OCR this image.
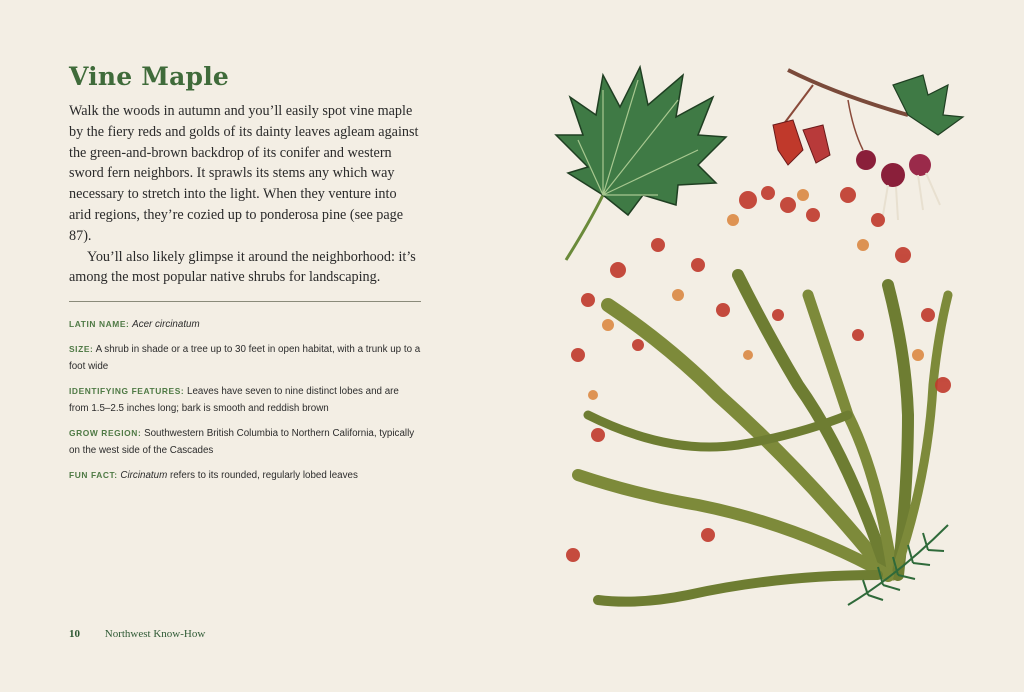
Vine Maple

Walk the woods in autumn and you’ll easily spot vine maple by the fiery reds and golds of its dainty leaves agleam against the green-and-brown backdrop of its conifer and western sword fern neighbors. It sprawls its stems any which way necessary to stretch into the light. When they venture into arid regions, they’re cozied up to ponderosa pine (see page 87).

You’ll also likely glimpse it around the neighborhood: it’s among the most popular native shrubs for landscaping.

LATIN NAME: Acer circinatum

SIZE: A shrub in shade or a tree up to 30 feet in open habitat, with a trunk up to a foot wide

IDENTIFYING FEATURES: Leaves have seven to nine distinct lobes and are from 1.5–2.5 inches long; bark is smooth and reddish brown

GROW REGION: Southwestern British Columbia to Northern California, typically on the west side of the Cascades

FUN FACT: Circinatum refers to its rounded, regularly lobed leaves

10 Northwest Know-How
